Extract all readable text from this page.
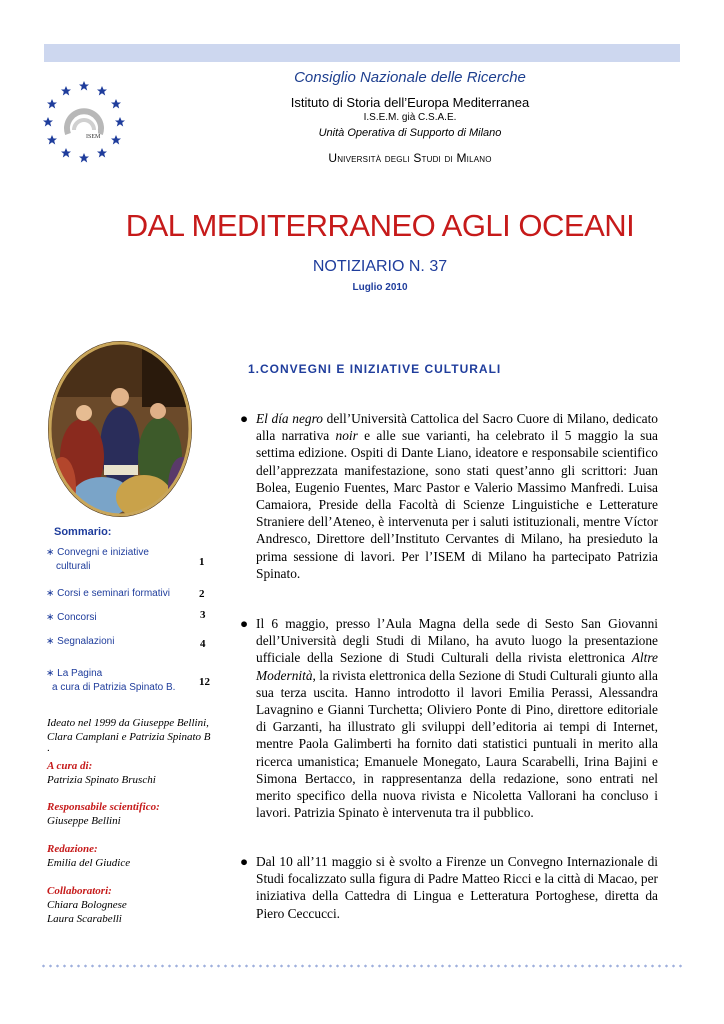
ISEM
Consiglio Nazionale delle Ricerche
Istituto di Storia dell’Europa Mediterranea
I.S.E.M. già C.S.A.E.
Unità Operativa di Supporto di Milano
Università degli Studi di Milano
DAL MEDITERRANEO AGLI OCEANI
NOTIZIARIO N. 37
Luglio 2010
1.CONVEGNI E INIZIATIVE CULTURALI
● El día negro dell’Università Cattolica del Sacro Cuore di Milano, dedicato alla narrativa noir e alle sue varianti, ha celebrato il 5 maggio la sua settima edizione. Ospiti di Dante Liano, ideatore e responsabile scientifico dell’apprezzata manifestazione, sono stati quest’anno gli scrittori: Juan Bolea, Eugenio Fuentes, Marc Pastor e Valerio Massimo Manfredi. Luisa Camaiora, Preside della Facoltà di Scienze Linguistiche e Letterature Straniere dell’Ateneo, è intervenuta per i saluti istituzionali, mentre Víctor Andresco, Direttore dell’Instituto Cervantes di Milano, ha presieduto la prima sessione di lavori. Per l’ISEM di Milano ha partecipato Patrizia Spinato.
● Il 6 maggio, presso l’Aula Magna della sede di Sesto San Giovanni dell’Università degli Studi di Milano, ha avuto luogo la presentazione ufficiale della Sezione di Studi Culturali della rivista elettronica Altre Modernità, la rivista elettronica della Sezione di Studi Culturali giunto alla sua terza uscita. Hanno introdotto il lavori Emilia Perassi, Alessandra Lavagnino e Gianni Turchetta; Oliviero Ponte di Pino, direttore editoriale di Garzanti, ha illustrato gli sviluppi dell’editoria ai tempi di Internet, mentre Paola Galimberti ha fornito dati statistici puntuali in merito alla ricerca umanistica; Emanuele Monegato, Laura Scarabelli, Irina Bajini e Simona Bertacco, in rappresentanza della redazione, sono entrati nel merito specifico della nuova rivista e Nicoletta Vallorani ha concluso i lavori. Patrizia Spinato è intervenuta tra il pubblico.
● Dal 10 all’11 maggio si è svolto a Firenze un Convegno Internazionale di Studi focalizzato sulla figura di Padre Matteo Ricci e la città di Macao, per iniziativa della Cattedra di Lingua e Letteratura Portoghese, diretta da Piero Ceccucci.
Sommario:
∗ Convegni e iniziative
culturali	1
∗ Corsi e seminari formativi	2
∗ Concorsi	3
∗ Segnalazioni	4
∗ La Pagina
a cura di Patrizia Spinato B. 12
Ideato nel 1999 da Giuseppe Bellini,
Clara Camplani e Patrizia Spinato B
.
A cura di:
Patrizia Spinato Bruschi
Responsabile scientifico:
Giuseppe Bellini
Redazione:
Emilia del Giudice
Collaboratori:
Chiara Bolognese
Laura Scarabelli
